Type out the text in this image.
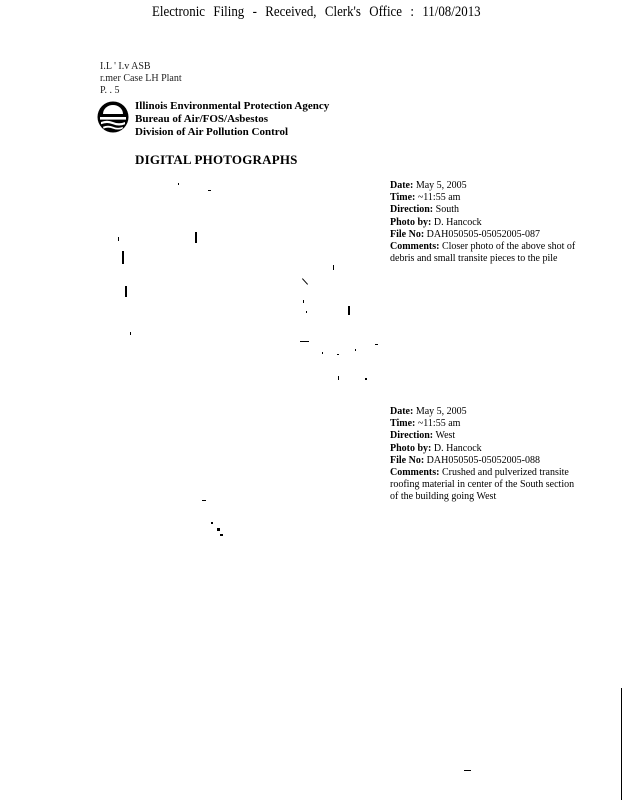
Electronic Filing - Received, Clerk's Office : 11/08/2013
I.L ' I.v ASB
r.mer Case LH Plant
P. . 5
Illinois Environmental Protection Agency
Bureau of Air/FOS/Asbestos
Division of Air Pollution Control
DIGITAL PHOTOGRAPHS
Date: May 5, 2005
Time: ~11:55 am
Direction: South
Photo by: D. Hancock
File No: DAH050505-05052005-087
Comments: Closer photo of the above shot of
debris and small transite pieces to the pile
Date: May 5, 2005
Time: ~11:55 am
Direction: West
Photo by: D. Hancock
File No: DAH050505-05052005-088
Comments: Crushed and pulverized transite
roofing material in center of the South section
of the building going West
